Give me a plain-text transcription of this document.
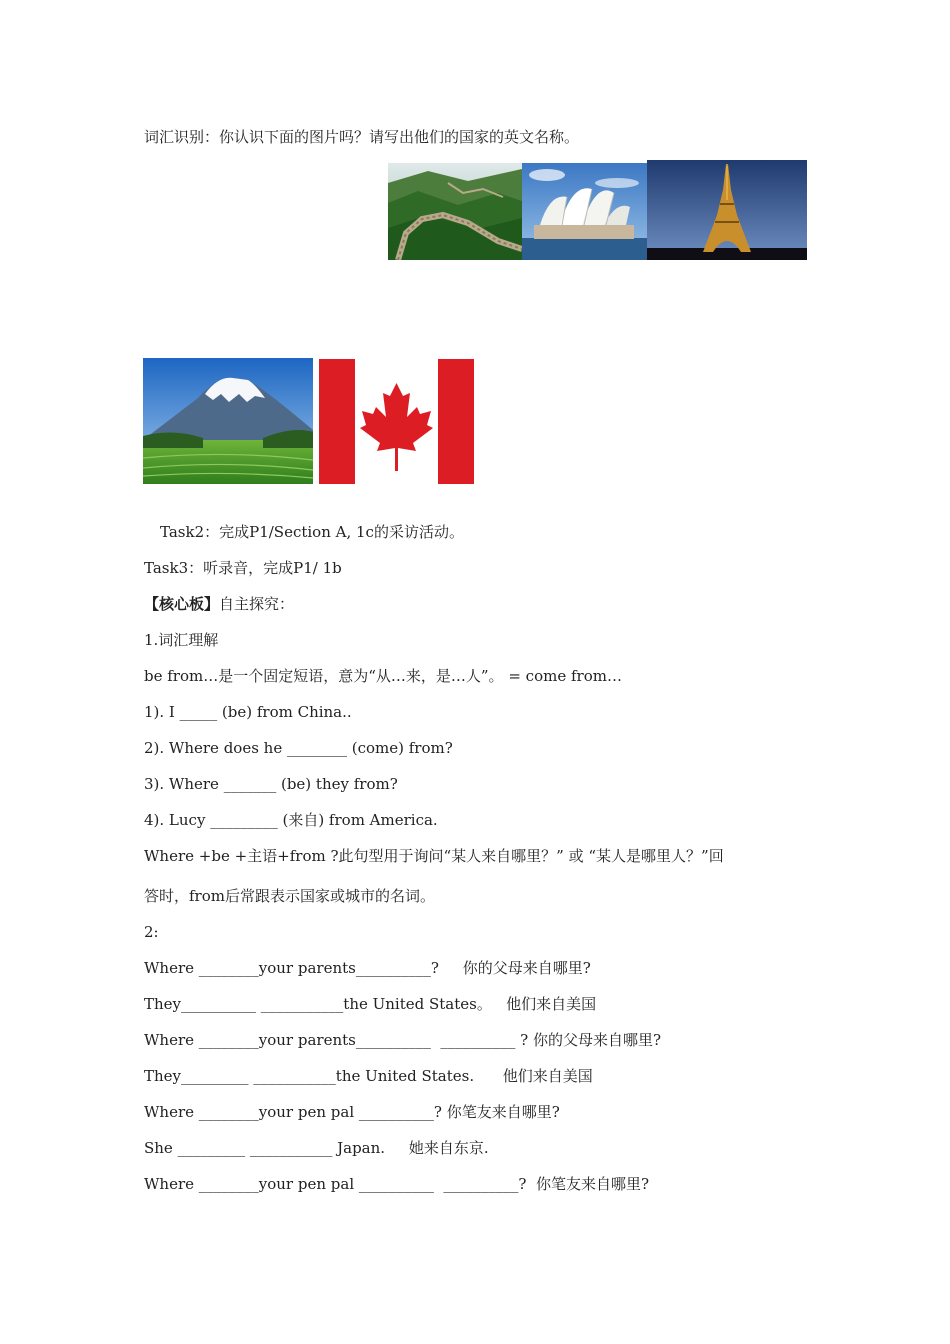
词汇识别：你认识下面的图片吗？请写出他们的国家的英文名称。
Task2：完成P1/Section A, 1c的采访活动。
Task3：听录音，完成P1/ 1b
【核心板】自主探究：
1.词汇理解
be from…是一个固定短语，意为“从…来，是…人”。 = come from…
1). I _____ (be) from China..
2). Where does he ________ (come) from?
3). Where _______ (be) they from?
4). Lucy _________ (来自) from America.
Where +be +主语+from ?此句型用于询问“某人来自哪里？” 或 “某人是哪里人？”回
答时，from后常跟表示国家或城市的名词。
2:
Where ________your parents__________?     你的父母来自哪里?
They__________ ___________the United States。   他们来自美国
Where ________your parents__________  __________ ? 你的父母来自哪里?
They_________ ___________the United States.      他们来自美国
Where ________your pen pal __________? 你笔友来自哪里?
She _________ ___________ Japan.     她来自东京.
Where ________your pen pal __________  __________?  你笔友来自哪里?
